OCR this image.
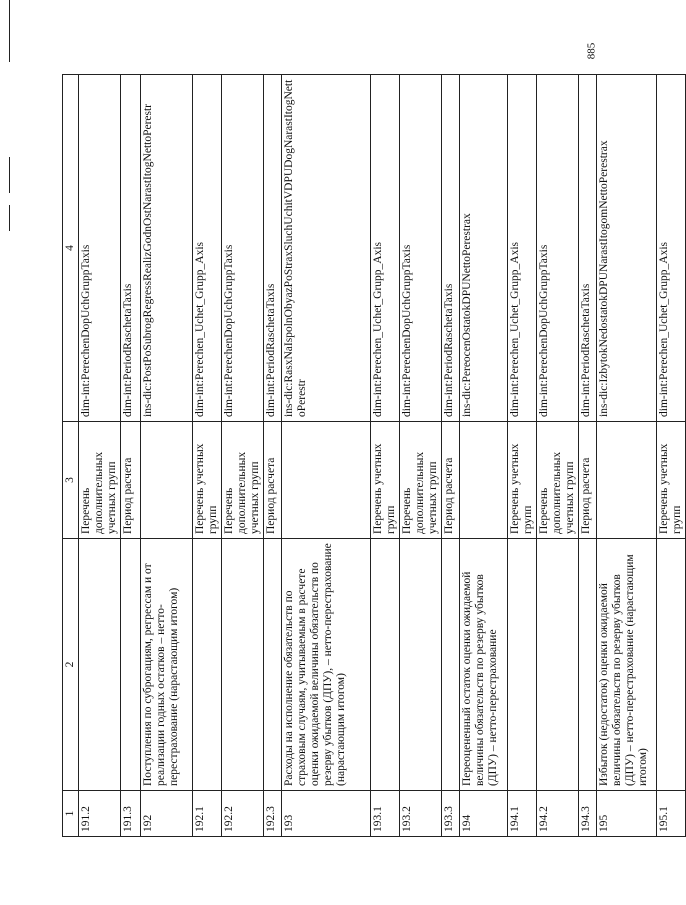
885
1	2	3	4
191.2		Перечень дополнительных учетных групп	dim-int:PerechenDopUchGruppTaxis
191.3		Период расчета	dim-int:PeriodRaschetaTaxis
192	Поступления по суброгациям, регрессам и от реализации годных остатков – нетто-перестрахование (нарастающим итогом)		ins-dic:PostPoSubrogRegressRealizGodnOstNarastItogNettoPerestr
192.1		Перечень учетных групп	dim-int:Perechen_Uchet_Grupp_Axis
192.2		Перечень дополнительных учетных групп	dim-int:PerechenDopUchGruppTaxis
192.3		Период расчета	dim-int:PeriodRaschetaTaxis
193	Расходы на исполнение обязательств по страховым случаям, учитываемым в расчете оценки ожидаемой величины обязательств по резерву убытков (ДПУ), – нетто-перестрахование (нарастающим итогом)		ins-dic:RasxNaIspolnObyazPoStraxSluchUchitVDPUDogNarastItogNettoPerestr
193.1		Перечень учетных групп	dim-int:Perechen_Uchet_Grupp_Axis
193.2		Перечень дополнительных учетных групп	dim-int:PerechenDopUchGruppTaxis
193.3		Период расчета	dim-int:PeriodRaschetaTaxis
194	Переоцененный остаток оценки ожидаемой величины обязательств по резерву убытков (ДПУ) – нетто-перестрахование		ins-dic:PereocenOstatokDPUNettoPerestrax
194.1		Перечень учетных групп	dim-int:Perechen_Uchet_Grupp_Axis
194.2		Перечень дополнительных учетных групп	dim-int:PerechenDopUchGruppTaxis
194.3		Период расчета	dim-int:PeriodRaschetaTaxis
195	Избыток (недостаток) оценки ожидаемой величины обязательств по резерву убытков (ДПУ) – нетто-перестрахование (нарастающим итогом)		ins-dic:IzbytokNedostatokDPUNarastItogomNettoPerestrax
195.1		Перечень учетных групп	dim-int:Perechen_Uchet_Grupp_Axis
